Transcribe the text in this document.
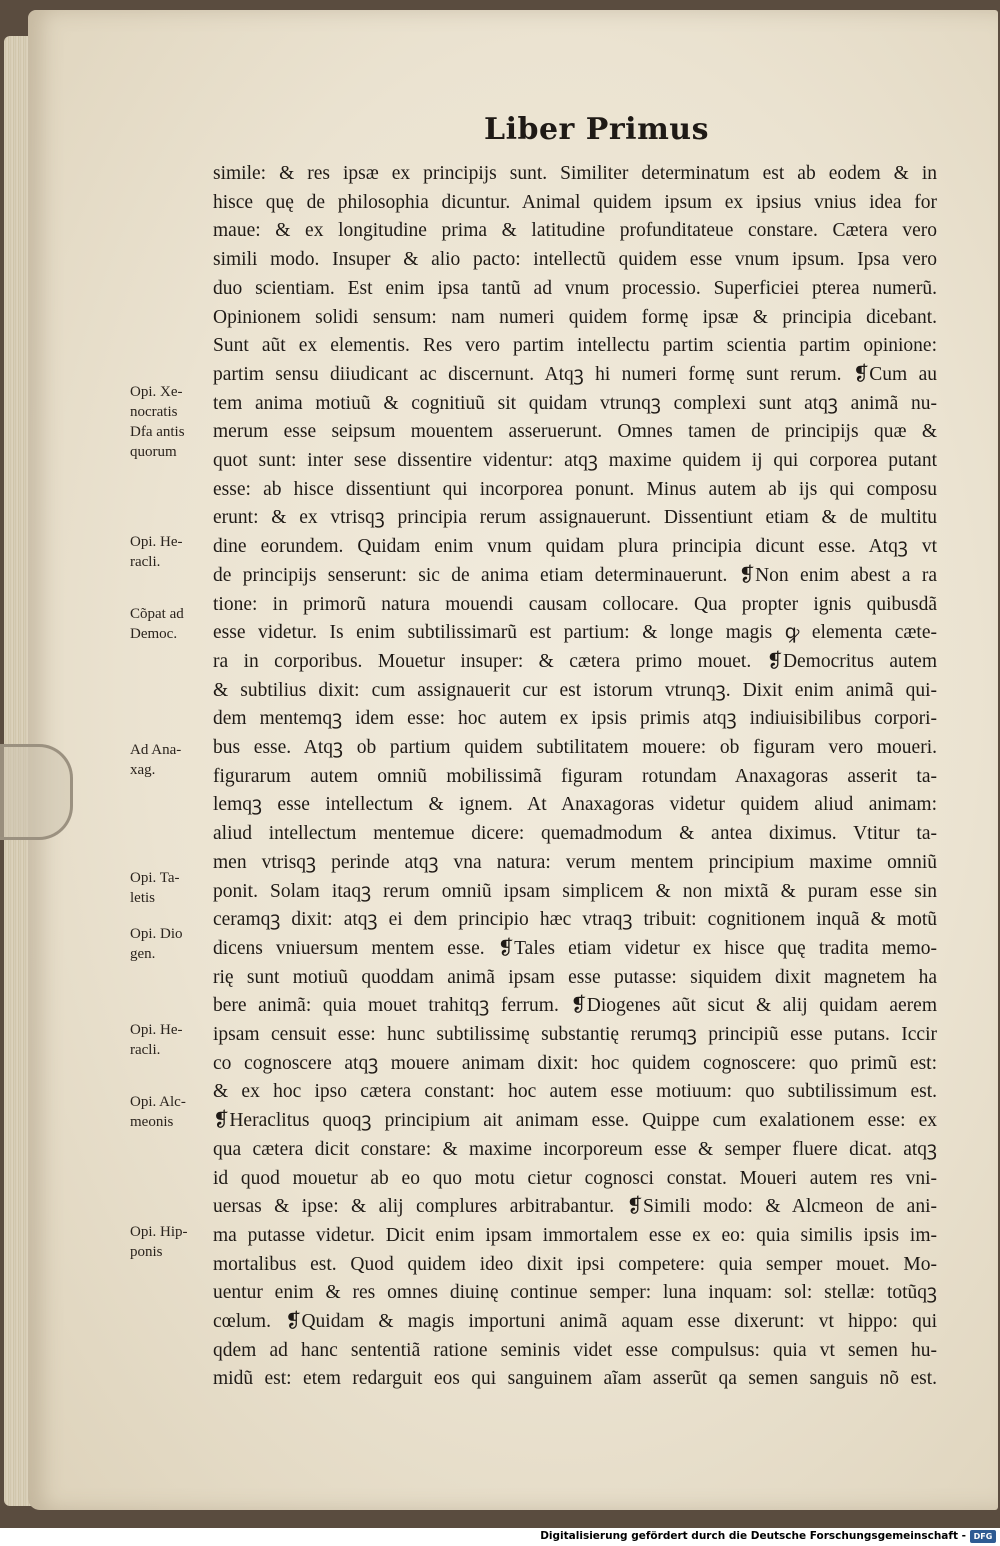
Liber Primus
Opi. Xe-
nocratis
Dfa antis
quorum
Opi. He-
racli.
Cõpat ad
Democ.
Ad Ana-
xag.
Opi. Ta-
letis
Opi. Dio
gen.
Opi. He-
racli.
Opi. Alc-
meonis
Opi. Hip-
ponis
simile: & res ipsæ ex principijs sunt. Similiter determinatum est ab eodem & in
hisce quę de philosophia dicuntur. Animal quidem ipsum ex ipsius vnius idea for
maue: & ex longitudine prima & latitudine profunditateue constare. Cætera vero
simili modo. Insuper & alio pacto: intellectũ quidem esse vnum ipsum. Ipsa vero
duo scientiam. Est enim ipsa tantũ ad vnum processio. Superficiei pterea numerũ.
Opinionem solidi sensum: nam numeri quidem formę ipsæ & principia dicebant.
Sunt aũt ex elementis. Res vero partim intellectu partim scientia partim opinione:
partim sensu diiudicant ac discernunt. Atqꝫ hi numeri formę sunt rerum. ❡Cum au
tem anima motiuũ & cognitiuũ sit quidam vtrunqꝫ complexi sunt atqꝫ animã nu-
merum esse seipsum mouentem asseruerunt. Omnes tamen de principijs quæ &
quot sunt: inter sese dissentire videntur: atqꝫ maxime quidem ij qui corporea putant
esse: ab hisce dissentiunt qui incorporea ponunt. Minus autem ab ijs qui composu
erunt: & ex vtrisqꝫ principia rerum assignauerunt. Dissentiunt etiam & de multitu
dine eorundem. Quidam enim vnum quidam plura principia dicunt esse. Atqꝫ vt
de principijs senserunt: sic de anima etiam determinauerunt. ❡Non enim abest a ra
tione: in primorũ natura mouendi causam collocare. Qua propter ignis quibusdã
esse videtur. Is enim subtilissimarũ est partium: & longe magis ꝙ elementa cæte-
ra in corporibus. Mouetur insuper: & cætera primo mouet. ❡Democritus autem
& subtilius dixit: cum assignauerit cur est istorum vtrunqꝫ. Dixit enim animã qui-
dem mentemqꝫ idem esse: hoc autem ex ipsis primis atqꝫ indiuisibilibus corpori-
bus esse. Atqꝫ ob partium quidem subtilitatem mouere: ob figuram vero moueri.
figurarum autem omniũ mobilissimã figuram rotundam Anaxagoras asserit ta-
lemqꝫ esse intellectum & ignem. At Anaxagoras videtur quidem aliud animam:
aliud intellectum mentemue dicere: quemadmodum & antea diximus. Vtitur ta-
men vtrisqꝫ perinde atqꝫ vna natura: verum mentem principium maxime omniũ
ponit. Solam itaqꝫ rerum omniũ ipsam simplicem & non mixtã & puram esse sin
ceramqꝫ dixit: atqꝫ ei dem principio hæc vtraqꝫ tribuit: cognitionem inquã & motũ
dicens vniuersum mentem esse. ❡Tales etiam videtur ex hisce quę tradita memo-
rię sunt motiuũ quoddam animã ipsam esse putasse: siquidem dixit magnetem ha
bere animã: quia mouet trahitqꝫ ferrum. ❡Diogenes aũt sicut & alij quidam aerem
ipsam censuit esse: hunc subtilissimę substantię rerumqꝫ principiũ esse putans. Iccir
co cognoscere atqꝫ mouere animam dixit: hoc quidem cognoscere: quo primũ est:
& ex hoc ipso cætera constant: hoc autem esse motiuum: quo subtilissimum est.
❡Heraclitus quoqꝫ principium ait animam esse. Quippe cum exalationem esse: ex
qua cætera dicit constare: & maxime incorporeum esse & semper fluere dicat. atqꝫ
id quod mouetur ab eo quo motu cietur cognosci constat. Moueri autem res vni-
uersas & ipse: & alij complures arbitrabantur. ❡Simili modo: & Alcmeon de ani-
ma putasse videtur. Dicit enim ipsam immortalem esse ex eo: quia similis ipsis im-
mortalibus est. Quod quidem ideo dixit ipsi competere: quia semper mouet. Mo-
uentur enim & res omnes diuinę continue semper: luna inquam: sol: stellæ: totũqꝫ
cœlum. ❡Quidam & magis importuni animã aquam esse dixerunt: vt hippo: qui
qdem ad hanc sententiã ratione seminis videt esse compulsus: quia vt semen hu-
midũ est: etem redarguit eos qui sanguinem aĩam asserũt qa semen sanguis nõ est.
Digitalisierung gefördert durch die Deutsche Forschungsgemeinschaft - DFG
